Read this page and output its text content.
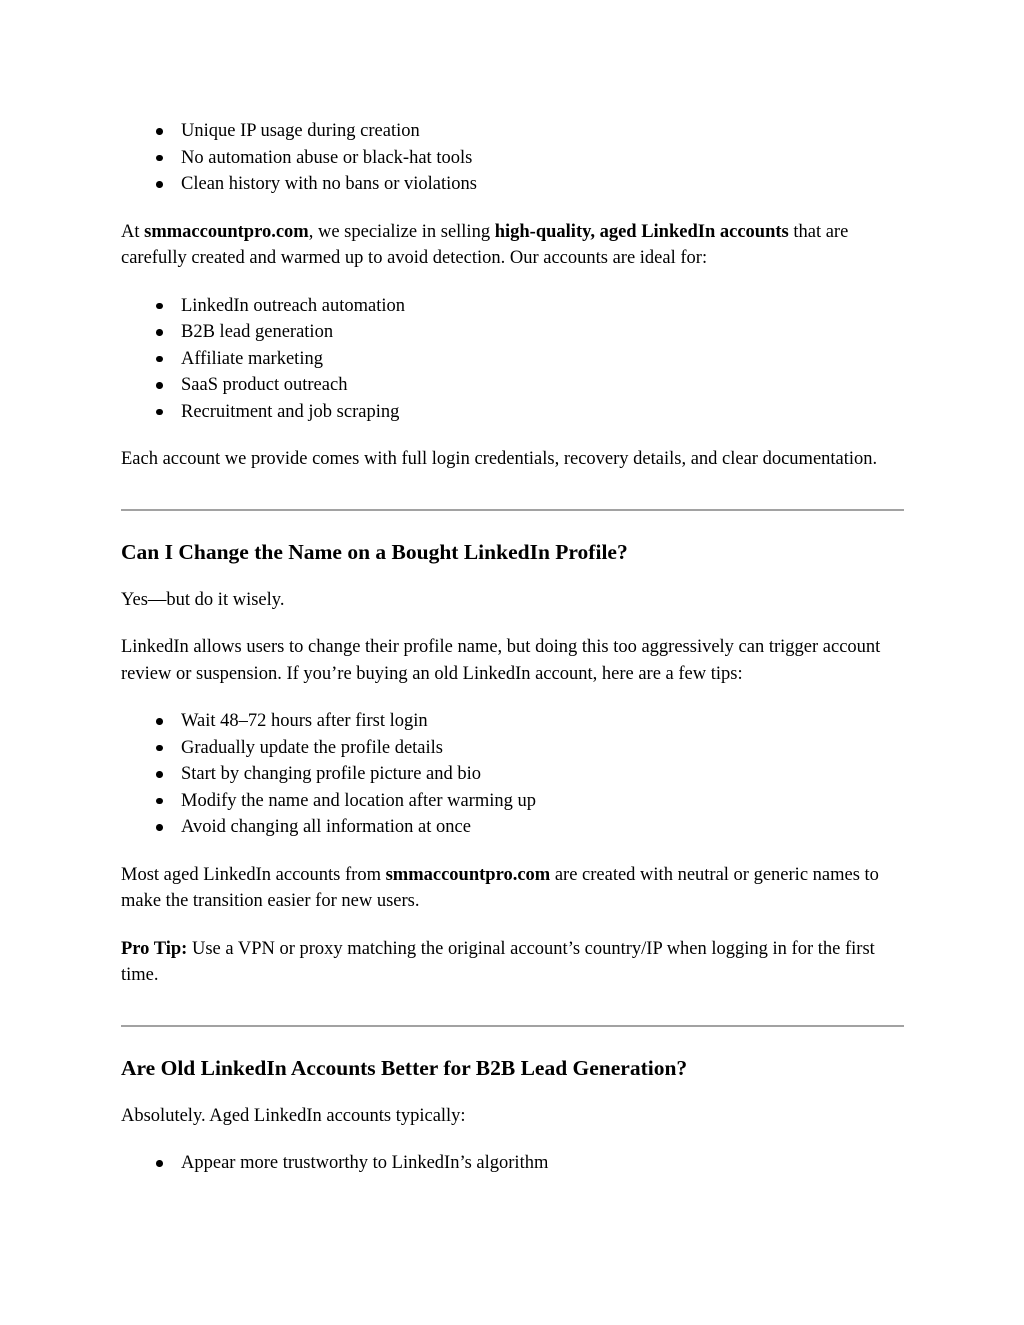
Unique IP usage during creation
No automation abuse or black-hat tools
Clean history with no bans or violations

At smmaccountpro.com, we specialize in selling high-quality, aged LinkedIn accounts that are carefully created and warmed up to avoid detection. Our accounts are ideal for:

LinkedIn outreach automation
B2B lead generation
Affiliate marketing
SaaS product outreach
Recruitment and job scraping

Each account we provide comes with full login credentials, recovery details, and clear documentation.

Can I Change the Name on a Bought LinkedIn Profile?

Yes—but do it wisely.

LinkedIn allows users to change their profile name, but doing this too aggressively can trigger account review or suspension. If you’re buying an old LinkedIn account, here are a few tips:

Wait 48–72 hours after first login
Gradually update the profile details
Start by changing profile picture and bio
Modify the name and location after warming up
Avoid changing all information at once

Most aged LinkedIn accounts from smmaccountpro.com are created with neutral or generic names to make the transition easier for new users.

Pro Tip: Use a VPN or proxy matching the original account’s country/IP when logging in for the first time.

Are Old LinkedIn Accounts Better for B2B Lead Generation?

Absolutely. Aged LinkedIn accounts typically:

Appear more trustworthy to LinkedIn’s algorithm
